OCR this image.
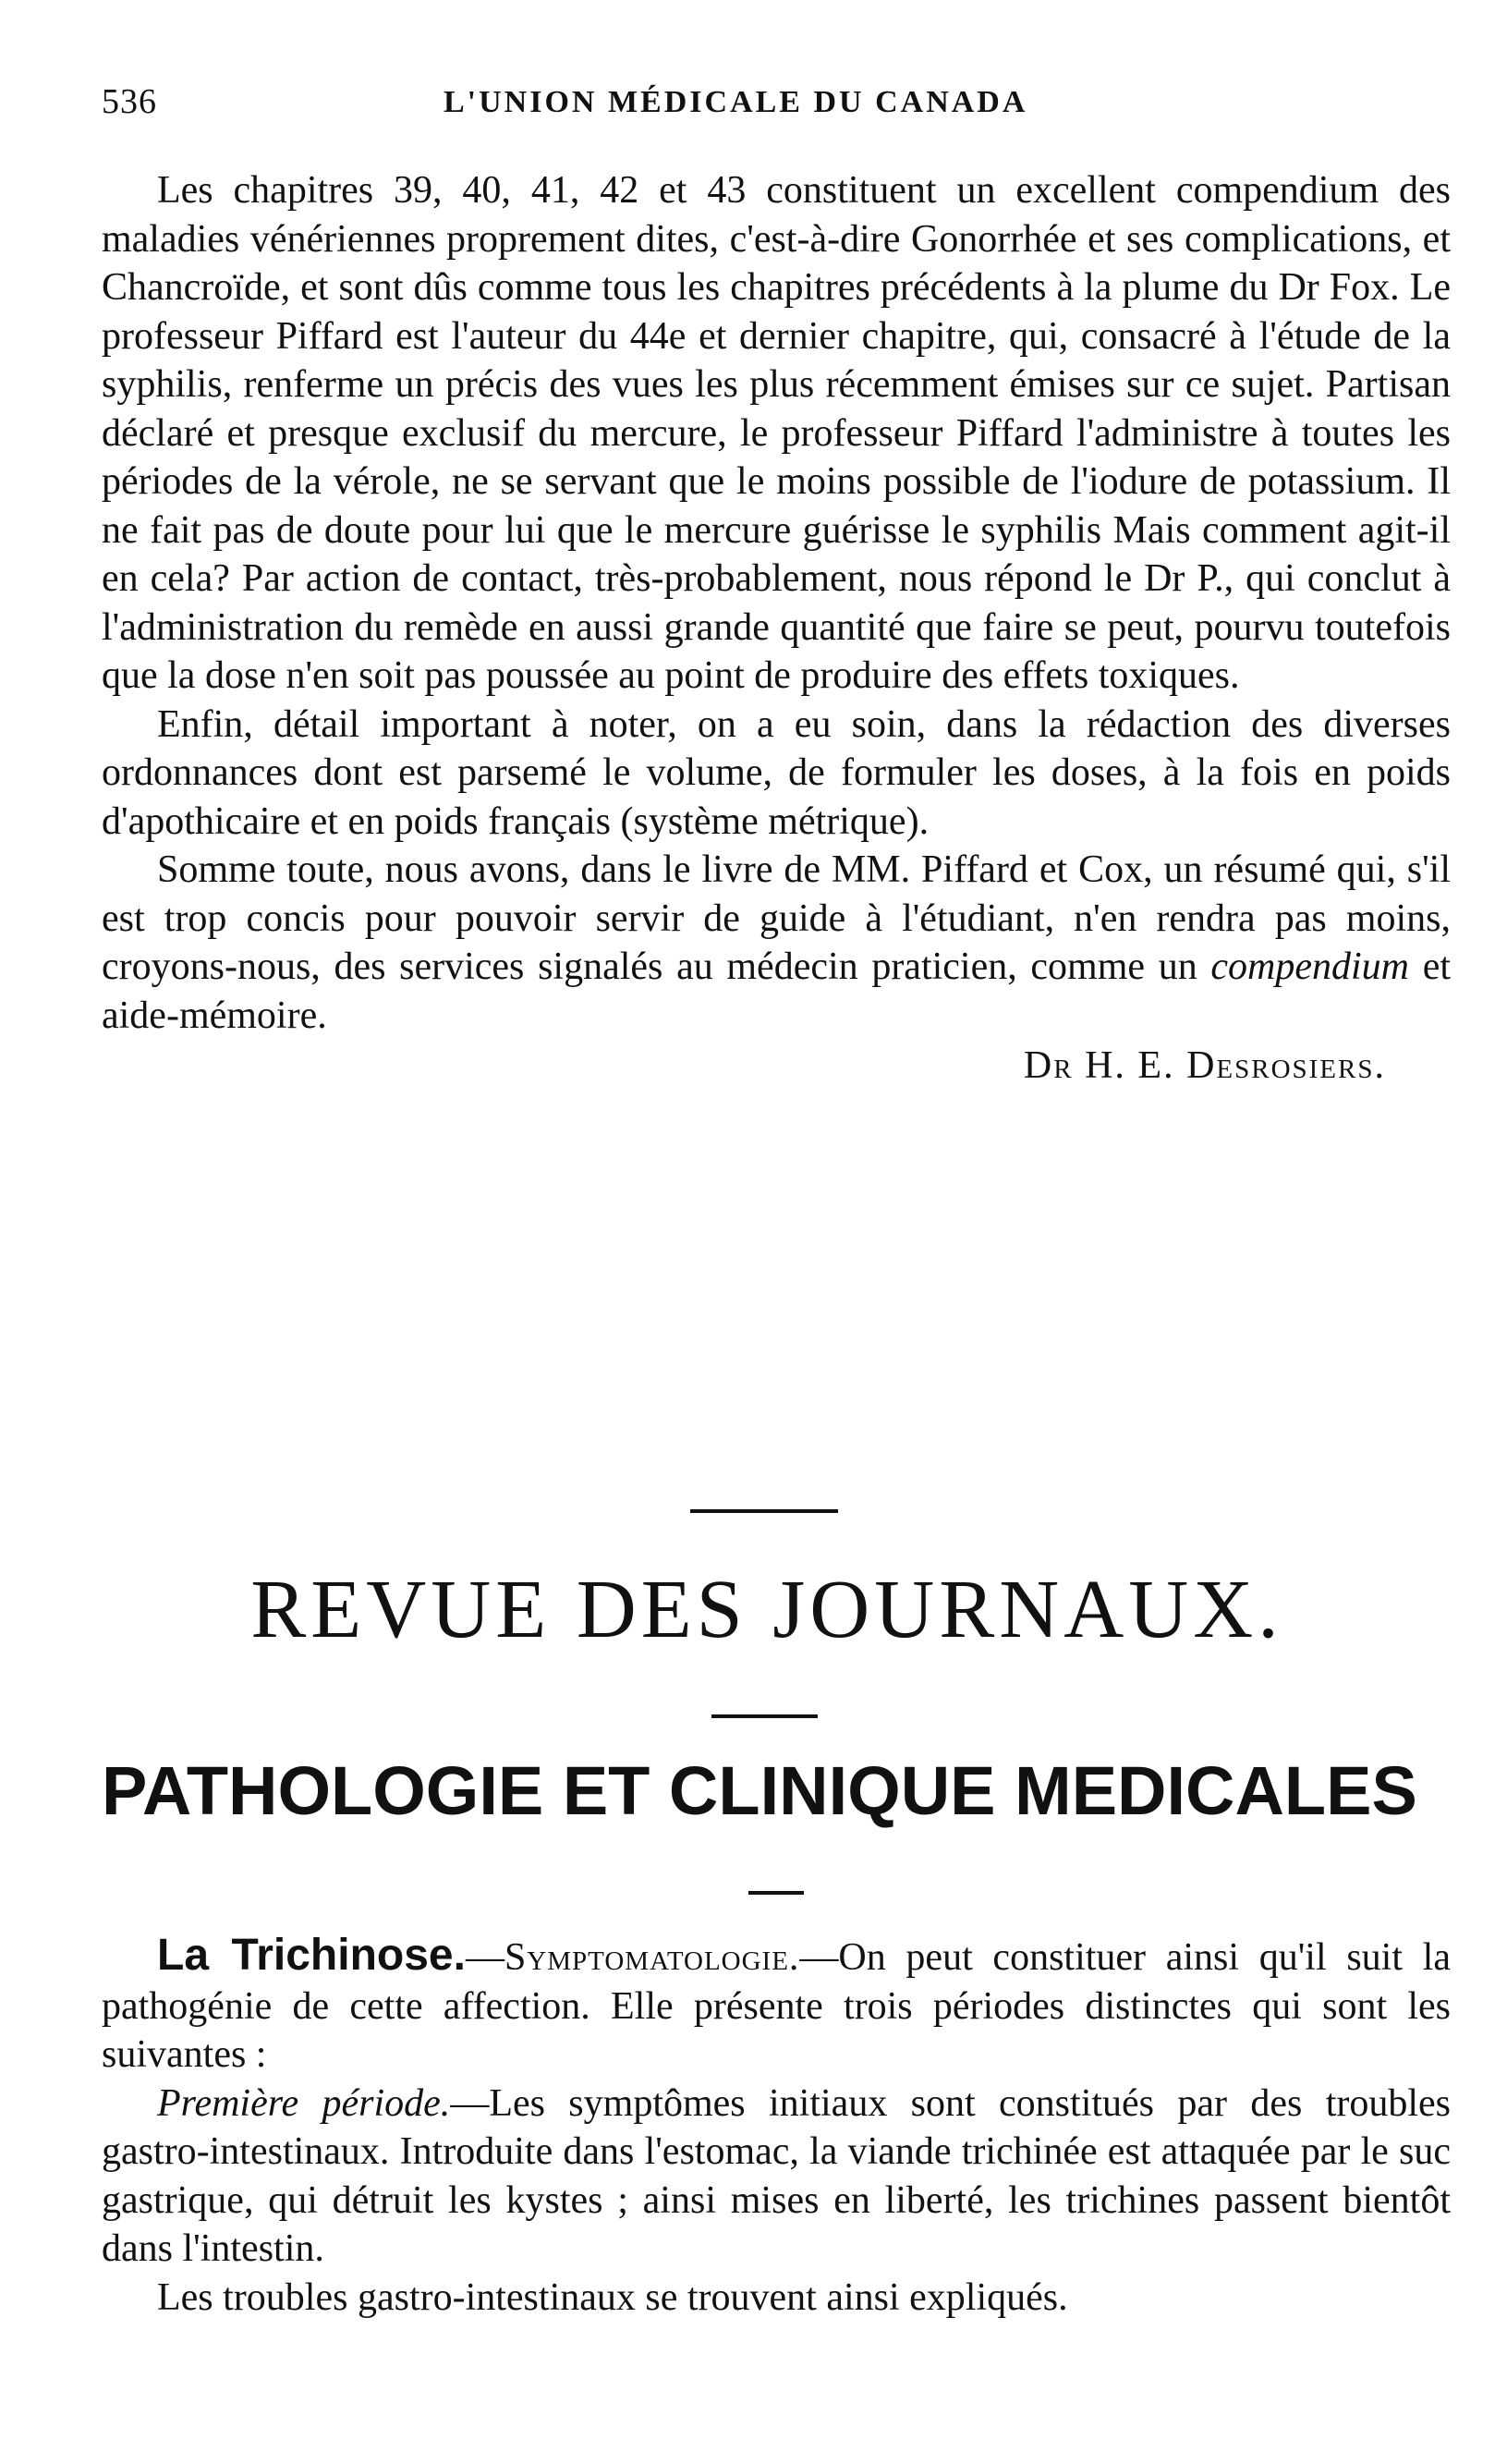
536	L'UNION MÉDICALE DU CANADA

Les chapitres 39, 40, 41, 42 et 43 constituent un excellent compendium des maladies vénériennes proprement dites, c'est-à-dire Gonorrhée et ses complications, et Chancroïde, et sont dûs comme tous les chapitres précédents à la plume du Dr Fox. Le professeur Piffard est l'auteur du 44e et dernier chapitre, qui, consacré à l'étude de la syphilis, renferme un précis des vues les plus récemment émises sur ce sujet. Partisan déclaré et presque exclusif du mercure, le professeur Piffard l'administre à toutes les périodes de la vérole, ne se servant que le moins possible de l'iodure de potassium. Il ne fait pas de doute pour lui que le mercure guérisse le syphilis Mais comment agit-il en cela? Par action de contact, très-probablement, nous répond le Dr P., qui conclut à l'administration du remède en aussi grande quantité que faire se peut, pourvu toutefois que la dose n'en soit pas poussée au point de produire des effets toxiques.

Enfin, détail important à noter, on a eu soin, dans la rédaction des diverses ordonnances dont est parsemé le volume, de formuler les doses, à la fois en poids d'apothicaire et en poids français (système métrique).

Somme toute, nous avons, dans le livre de MM. Piffard et Cox, un résumé qui, s'il est trop concis pour pouvoir servir de guide à l'étudiant, n'en rendra pas moins, croyons-nous, des services signalés au médecin praticien, comme un compendium et aide-mémoire.

Dr H. E. Desrosiers.
REVUE DES JOURNAUX.
PATHOLOGIE ET CLINIQUE MEDICALES

La Trichinose.—Symptomatologie.—On peut constituer ainsi qu'il suit la pathogénie de cette affection. Elle présente trois périodes distinctes qui sont les suivantes :

Première période.—Les symptômes initiaux sont constitués par des troubles gastro-intestinaux. Introduite dans l'estomac, la viande trichinée est attaquée par le suc gastrique, qui détruit les kystes ; ainsi mises en liberté, les trichines passent bientôt dans l'intestin.

Les troubles gastro-intestinaux se trouvent ainsi expliqués.
